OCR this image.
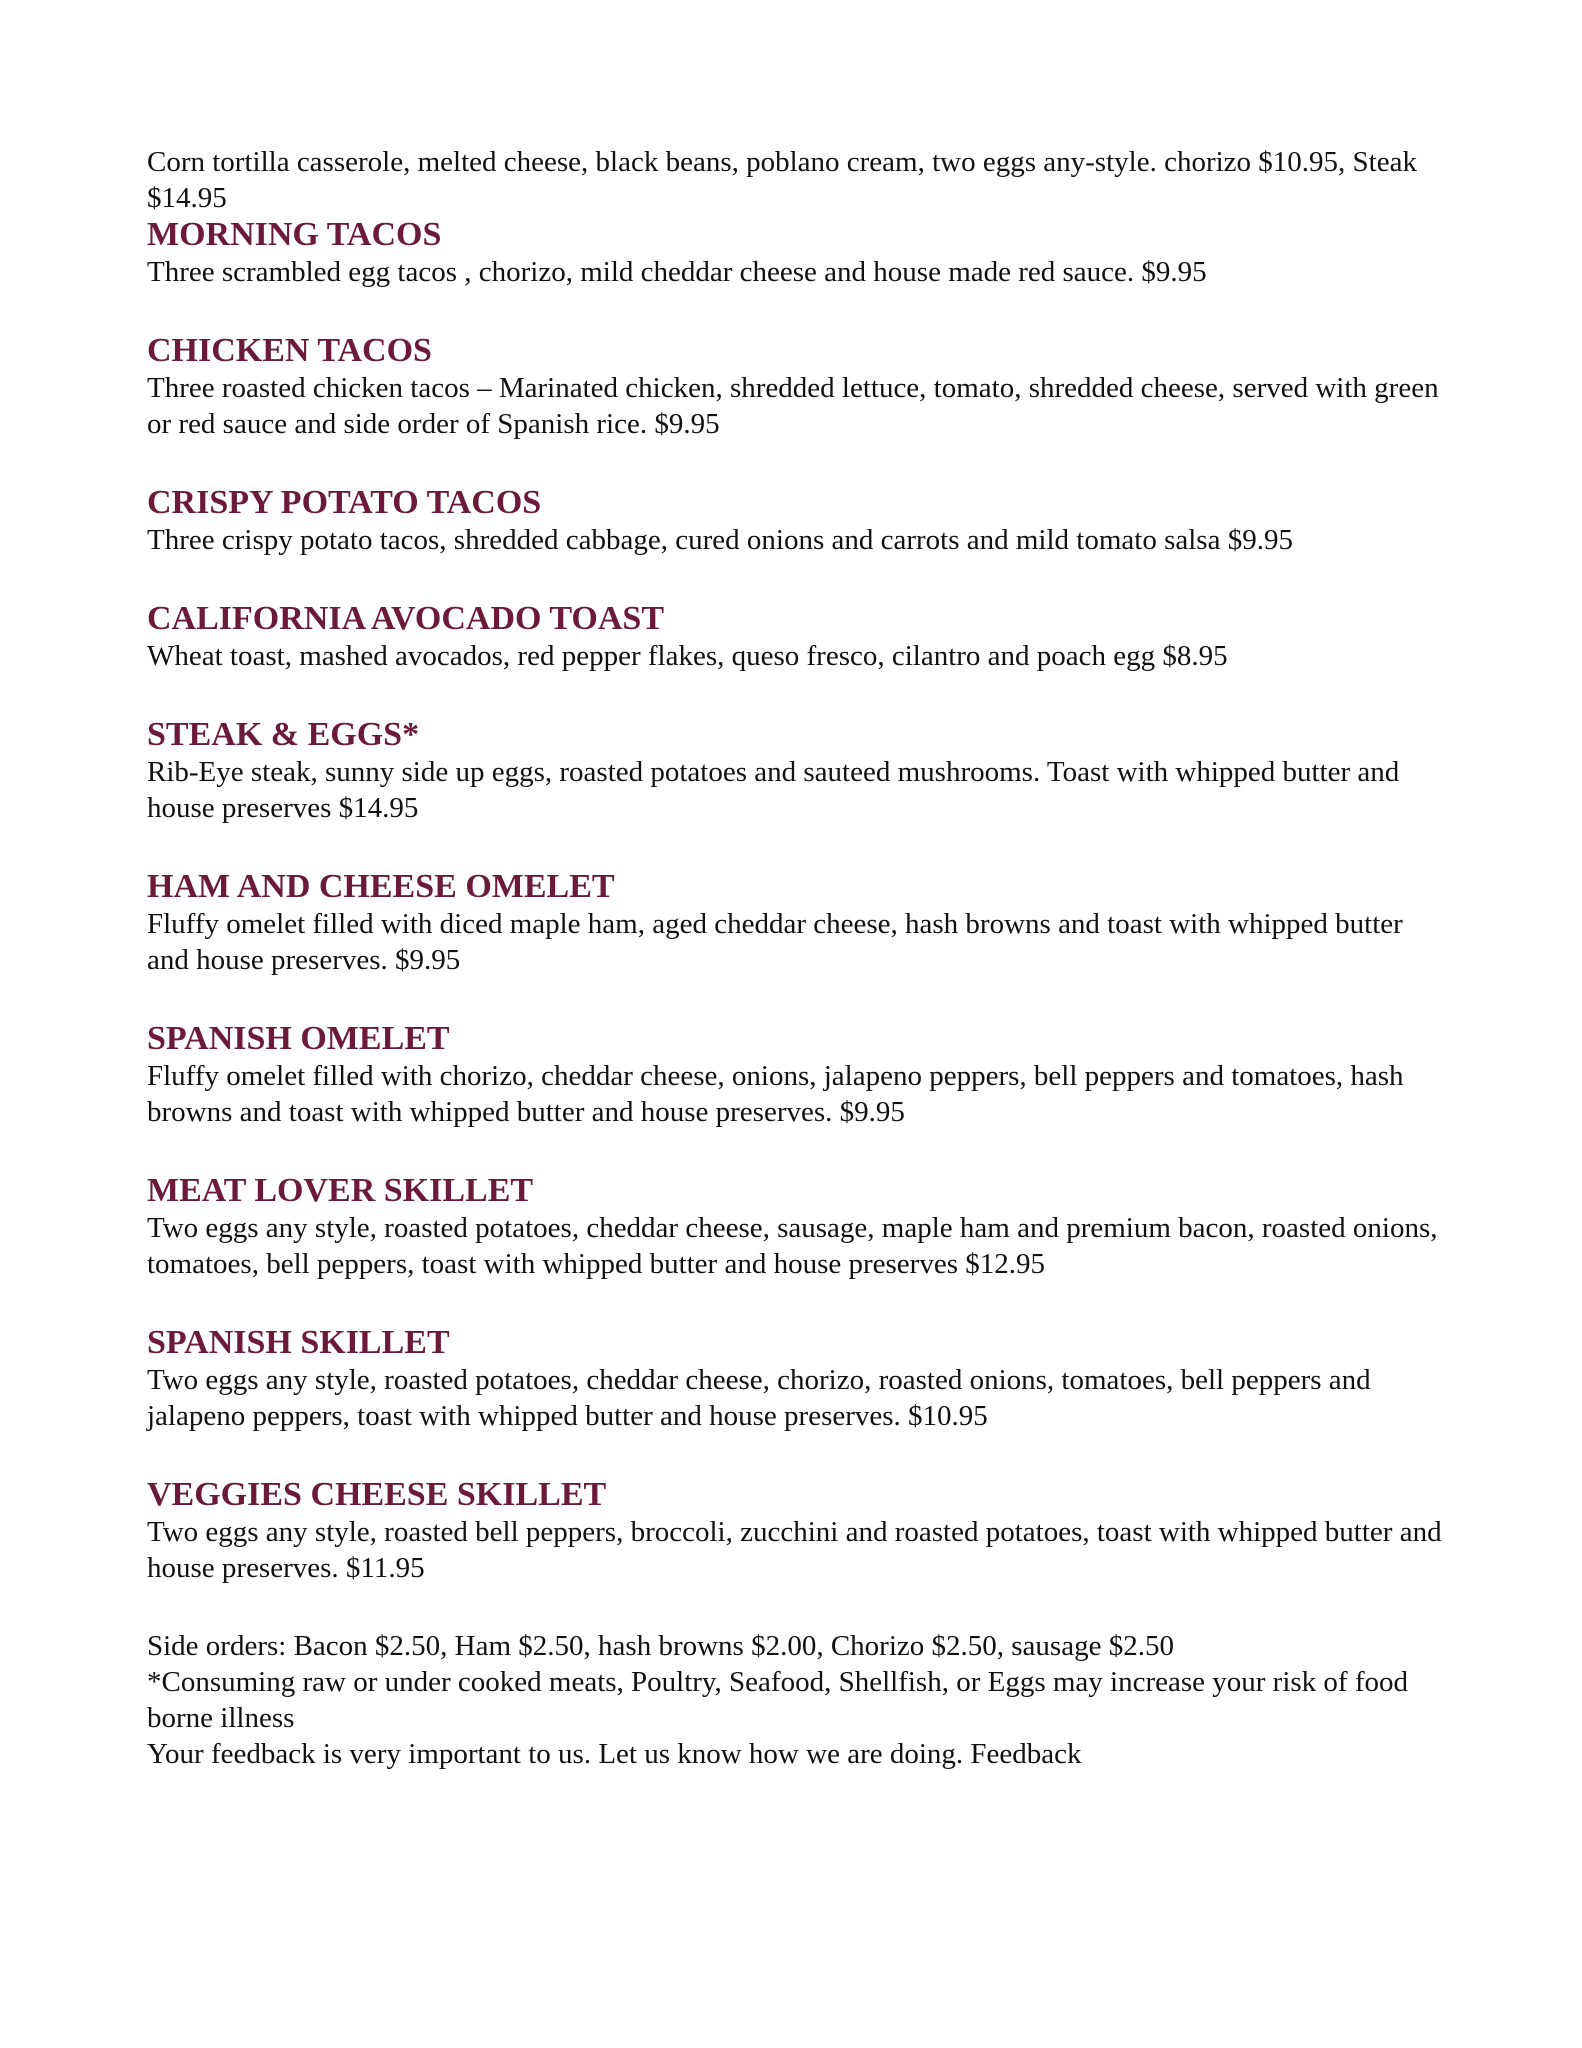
Corn tortilla casserole, melted cheese, black beans, poblano cream, two eggs any-style. chorizo $10.95, Steak $14.95

MORNING TACOS

Three scrambled egg tacos , chorizo, mild cheddar cheese and house made red sauce. $9.95

CHICKEN TACOS

Three roasted chicken tacos – Marinated chicken, shredded lettuce, tomato, shredded cheese, served with green or red sauce and side order of Spanish rice. $9.95

CRISPY POTATO TACOS

Three crispy potato tacos, shredded cabbage, cured onions and carrots and mild tomato salsa $9.95

CALIFORNIA AVOCADO TOAST

Wheat toast, mashed avocados, red pepper flakes, queso fresco, cilantro and poach egg $8.95

STEAK & EGGS*

Rib-Eye steak, sunny side up eggs, roasted potatoes and sauteed mushrooms. Toast with whipped butter and house preserves $14.95

HAM AND CHEESE OMELET

Fluffy omelet filled with diced maple ham, aged cheddar cheese, hash browns and toast with whipped butter and house preserves. $9.95

SPANISH OMELET

Fluffy omelet filled with chorizo, cheddar cheese, onions, jalapeno peppers, bell peppers and tomatoes, hash browns and toast with whipped butter and house preserves. $9.95

MEAT LOVER SKILLET

Two eggs any style, roasted potatoes, cheddar cheese, sausage, maple ham and premium bacon, roasted onions, tomatoes, bell peppers, toast with whipped butter and house preserves $12.95

SPANISH SKILLET

Two eggs any style, roasted potatoes, cheddar cheese, chorizo, roasted onions, tomatoes, bell peppers and jalapeno peppers, toast with whipped butter and house preserves. $10.95

VEGGIES CHEESE SKILLET

Two eggs any style, roasted bell peppers, broccoli, zucchini and roasted potatoes, toast with whipped butter and house preserves. $11.95

Side orders: Bacon $2.50, Ham $2.50, hash browns $2.00, Chorizo $2.50, sausage $2.50

*Consuming raw or under cooked meats, Poultry, Seafood, Shellfish, or Eggs may increase your risk of food borne illness

Your feedback is very important to us. Let us know how we are doing. Feedback
